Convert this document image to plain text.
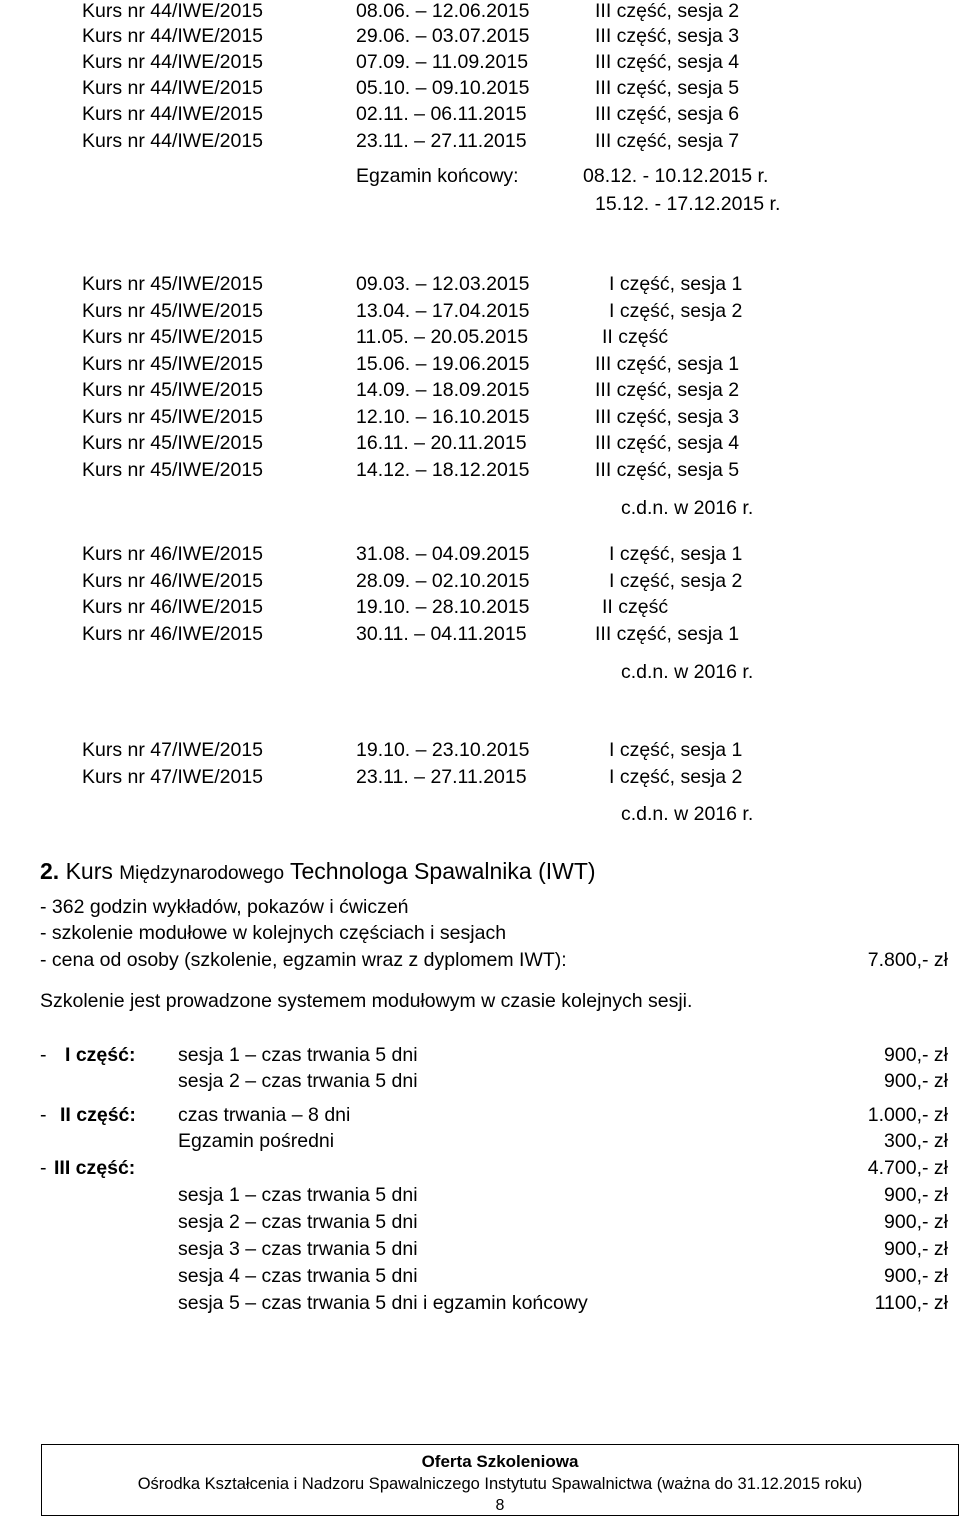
Kurs nr 44/IWE/2015	08.06. – 12.06.2015	III część, sesja 2
Kurs nr 44/IWE/2015	29.06. – 03.07.2015	III część, sesja 3
Kurs nr 44/IWE/2015	07.09. – 11.09.2015	III część, sesja 4
Kurs nr 44/IWE/2015	05.10. – 09.10.2015	III część, sesja 5
Kurs nr 44/IWE/2015	02.11. – 06.11.2015	III część, sesja 6
Kurs nr 44/IWE/2015	23.11. – 27.11.2015	III część, sesja 7
Egzamin końcowy:	08.12. - 10.12.2015 r.
15.12. - 17.12.2015 r.
Kurs nr 45/IWE/2015	09.03. – 12.03.2015	I część, sesja 1
Kurs nr 45/IWE/2015	13.04. – 17.04.2015	I część, sesja 2
Kurs nr 45/IWE/2015	11.05. – 20.05.2015	II część
Kurs nr 45/IWE/2015	15.06. – 19.06.2015	III część, sesja 1
Kurs nr 45/IWE/2015	14.09. – 18.09.2015	III część, sesja 2
Kurs nr 45/IWE/2015	12.10. – 16.10.2015	III część, sesja 3
Kurs nr 45/IWE/2015	16.11. – 20.11.2015	III część, sesja 4
Kurs nr 45/IWE/2015	14.12. – 18.12.2015	III część, sesja 5
c.d.n. w 2016 r.
Kurs nr 46/IWE/2015	31.08. – 04.09.2015	I część, sesja 1
Kurs nr 46/IWE/2015	28.09. – 02.10.2015	I część, sesja 2
Kurs nr 46/IWE/2015	19.10. – 28.10.2015	II część
Kurs nr 46/IWE/2015	30.11. – 04.11.2015	III część, sesja 1
c.d.n. w 2016 r.
Kurs nr 47/IWE/2015	19.10. – 23.10.2015	I część, sesja 1
Kurs nr 47/IWE/2015	23.11. – 27.11.2015	I część, sesja 2
c.d.n. w 2016 r.
2. Kurs Międzynarodowego Technologa Spawalnika (IWT)
- 362 godzin wykładów, pokazów i ćwiczeń
- szkolenie modułowe w kolejnych częściach i sesjach
- cena od osoby (szkolenie, egzamin wraz z dyplomem IWT):	7.800,- zł
Szkolenie jest prowadzone systemem modułowym w czasie kolejnych sesji.
- I część: sesja 1 – czas trwania 5 dni	900,- zł
sesja 2 – czas trwania 5 dni	900,- zł
- II część: czas trwania – 8 dni	1.000,- zł
Egzamin pośredni	300,- zł
- III część:	4.700,- zł
sesja 1 – czas trwania 5 dni	900,- zł
sesja 2 – czas trwania 5 dni	900,- zł
sesja 3 – czas trwania 5 dni	900,- zł
sesja 4 – czas trwania 5 dni	900,- zł
sesja 5 – czas trwania 5 dni i egzamin końcowy	1100,- zł
Oferta Szkoleniowa
Ośrodka Kształcenia i Nadzoru Spawalniczego Instytutu Spawalnictwa (ważna do 31.12.2015 roku)
8
